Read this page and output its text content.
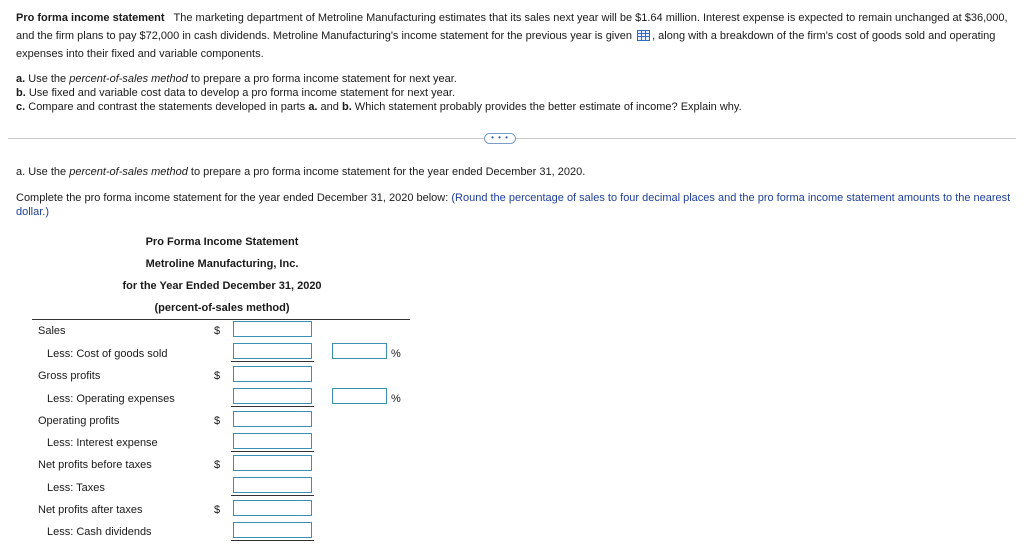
Pro forma income statement The marketing department of Metroline Manufacturing estimates that its sales next year will be $1.64 million. Interest expense is expected to remain unchanged at $36,000, and the firm plans to pay $72,000 in cash dividends. Metroline Manufacturing's income statement for the previous year is given , along with a breakdown of the firm's cost of goods sold and operating expenses into their fixed and variable components.
a. Use the percent-of-sales method to prepare a pro forma income statement for next year.
b. Use fixed and variable cost data to develop a pro forma income statement for next year.
c. Compare and contrast the statements developed in parts a. and b. Which statement probably provides the better estimate of income? Explain why.
• • •
a. Use the percent-of-sales method to prepare a pro forma income statement for the year ended December 31, 2020.
Complete the pro forma income statement for the year ended December 31, 2020 below: (Round the percentage of sales to four decimal places and the pro forma income statement amounts to the nearest dollar.)
Pro Forma Income Statement
Metroline Manufacturing, Inc.
for the Year Ended December 31, 2020
(percent-of-sales method)
Sales	$
Less: Cost of goods sold	%
Gross profits	$
Less: Operating expenses	%
Operating profits	$
Less: Interest expense
Net profits before taxes	$
Less: Taxes
Net profits after taxes	$
Less: Cash dividends
